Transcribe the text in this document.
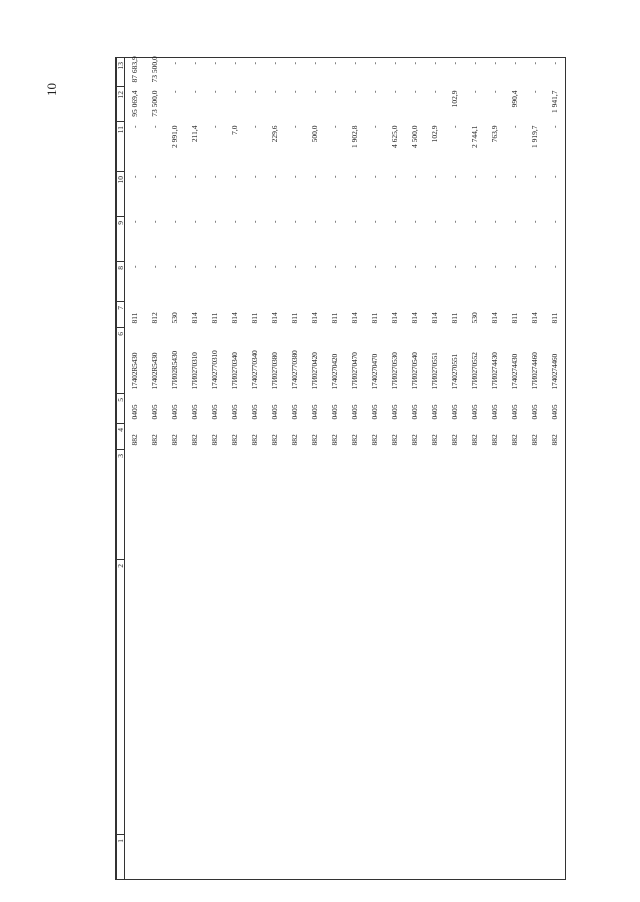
10
1	2	3	4	5	6	7	8	9	10	11	12	13
			882	0405	17402R5430	811	-	-	-	-	95 069,4	87 683,9
			882	0405	17402R5430	812	-	-	-	-	73 500,0	73 500,0
			882	0405	17И02R5430	530	-	-	-	2 991,0	-	-
			882	0405	17И0270310	814	-	-	-	211,4	-	-
			882	0405	17402770310	811	-	-	-	-	-	-
			882	0405	17И0270340	814	-	-	-	7,0	-	-
			882	0405	17402770340	811	-	-	-	-	-	-
			882	0405	17И0270380	814	-	-	-	229,6	-	-
			882	0405	17402770380	811	-	-	-	-	-	-
			882	0405	17И0270420	814	-	-	-	500,0	-	-
			882	0405	1740270420	811	-	-	-	-	-	-
			882	0405	17И0270470	814	-	-	-	1 902,8	-	-
			882	0405	1740270470	811	-	-	-	-	-	-
			882	0405	17И0270530	814	-	-	-	4 625,0	-	-
			882	0405	17И0270540	814	-	-	-	4 500,0	-	-
			882	0405	17И0270551	814	-	-	-	102,9	-	-
			882	0405	1740270551	811	-	-	-	-	102,9	-
			882	0405	17И0270552	530	-	-	-	2 744,1	-	-
			882	0405	17И0274430	814	-	-	-	763,9	-	-
			882	0405	1740274430	811	-	-	-	-	990,4	-
			882	0405	17И0274460	814	-	-	-	1 919,7	-	-
			882	0405	1740274460	811	-	-	-	-	1 941,7	-
